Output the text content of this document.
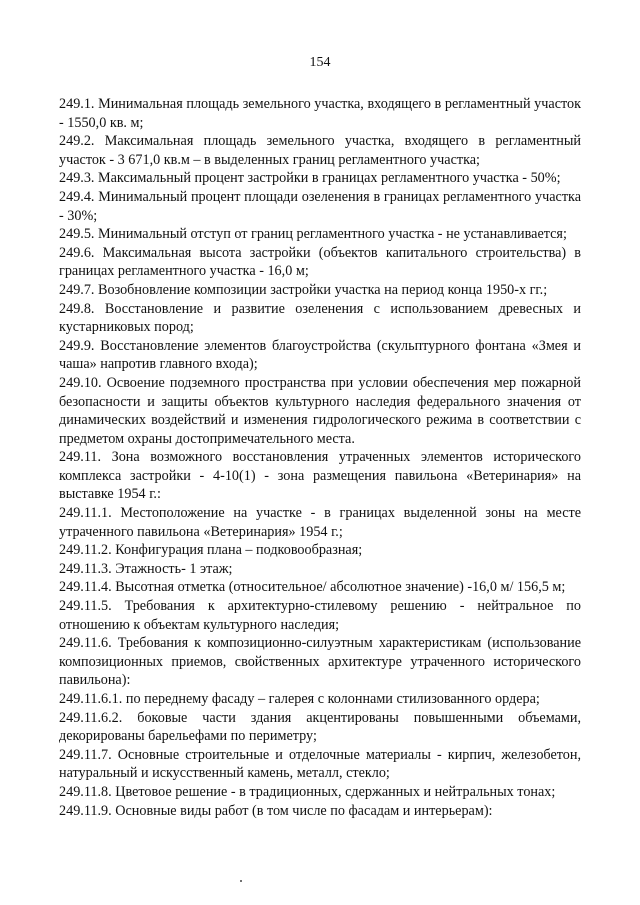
154

249.1. Минимальная площадь земельного участка, входящего в регламентный участок - 1550,0 кв. м;

249.2. Максимальная площадь земельного участка, входящего в регламентный участок - 3 671,0 кв.м – в выделенных границ регламентного участка;

249.3. Максимальный процент застройки в границах регламентного участка - 50%;

249.4. Минимальный процент площади озеленения в границах регламентного участка - 30%;

249.5. Минимальный отступ от границ регламентного участка - не устанавливается;

249.6. Максимальная высота застройки (объектов капитального строительства) в границах регламентного участка - 16,0 м;

249.7. Возобновление композиции застройки участка на период конца 1950-х гг.;

249.8. Восстановление и развитие озеленения с использованием древесных и кустарниковых пород;

249.9. Восстановление элементов благоустройства (скульптурного фонтана «Змея и чаша» напротив главного входа);

249.10. Освоение подземного пространства при условии обеспечения мер пожарной безопасности и защиты объектов культурного наследия федерального значения от динамических воздействий и изменения гидрологического режима в соответствии с предметом охраны достопримечательного места.

249.11. Зона возможного восстановления утраченных элементов исторического комплекса застройки - 4-10(1) - зона размещения павильона «Ветеринария» на выставке 1954 г.:

249.11.1. Местоположение на участке - в границах выделенной зоны на месте утраченного павильона «Ветеринария» 1954 г.;

249.11.2. Конфигурация плана – подковообразная;

249.11.3. Этажность- 1 этаж;

249.11.4. Высотная отметка (относительное/ абсолютное значение) -16,0 м/ 156,5 м;

249.11.5. Требования к архитектурно-стилевому решению - нейтральное по отношению к объектам культурного наследия;

249.11.6. Требования к композиционно-силуэтным характеристикам (использование композиционных приемов, свойственных архитектуре утраченного исторического павильона):

249.11.6.1. по переднему фасаду – галерея с колоннами стилизованного ордера;

249.11.6.2. боковые части здания акцентированы повышенными объемами, декорированы барельефами по периметру;

249.11.7. Основные строительные и отделочные материалы - кирпич, железобетон, натуральный и искусственный камень, металл, стекло;

249.11.8. Цветовое решение - в традиционных, сдержанных и нейтральных тонах;

249.11.9. Основные виды работ (в том числе по фасадам и интерьерам):
